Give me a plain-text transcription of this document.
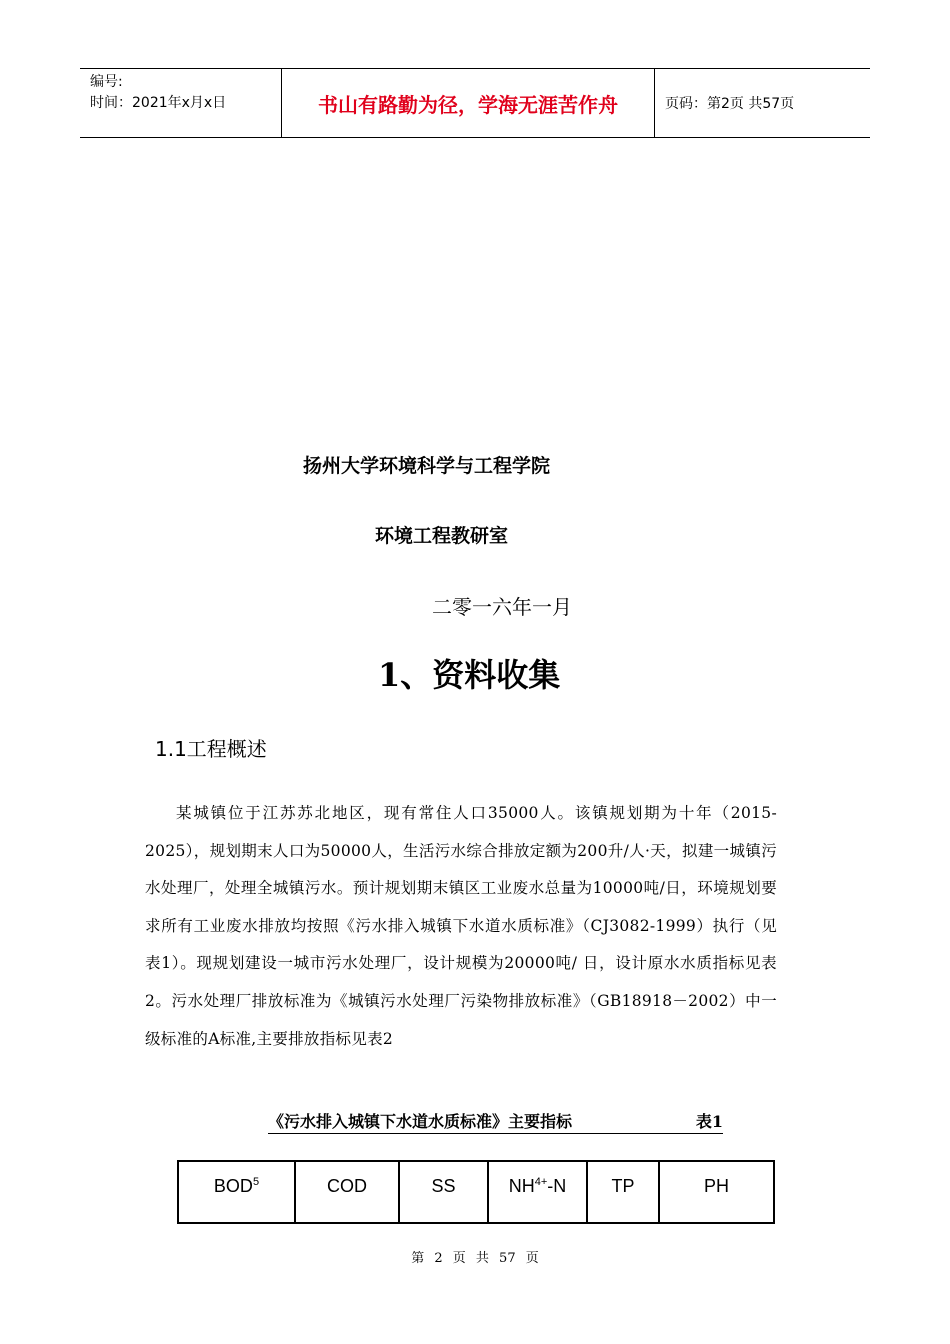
编号:
时间：2021年x月x日	书山有路勤为径，学海无涯苦作舟	页码：第2页 共57页
扬州大学环境科学与工程学院
环境工程教研室
二零一六年一月
1、资料收集
1.1工程概述
某城镇位于江苏苏北地区，现有常住人口35000人。该镇规划期为十年（2015-2025），规划期末人口为50000人，生活污水综合排放定额为200升/人·天，拟建一城镇污水处理厂，处理全城镇污水。预计规划期末镇区工业废水总量为10000吨/日，环境规划要求所有工业废水排放均按照《污水排入城镇下水道水质标准》（CJ3082-1999）执行（见表1）。现规划建设一城市污水处理厂，设计规模为20000吨/ 日，设计原水水质指标见表2。污水处理厂排放标准为《城镇污水处理厂污染物排放标准》（GB18918－2002）中一级标准的A标准,主要排放指标见表2
《污水排入城镇下水道水质标准》主要指标	表1
BOD 5	COD	SS	NH 4 + -N	TP	PH
第 2 页 共 57 页
